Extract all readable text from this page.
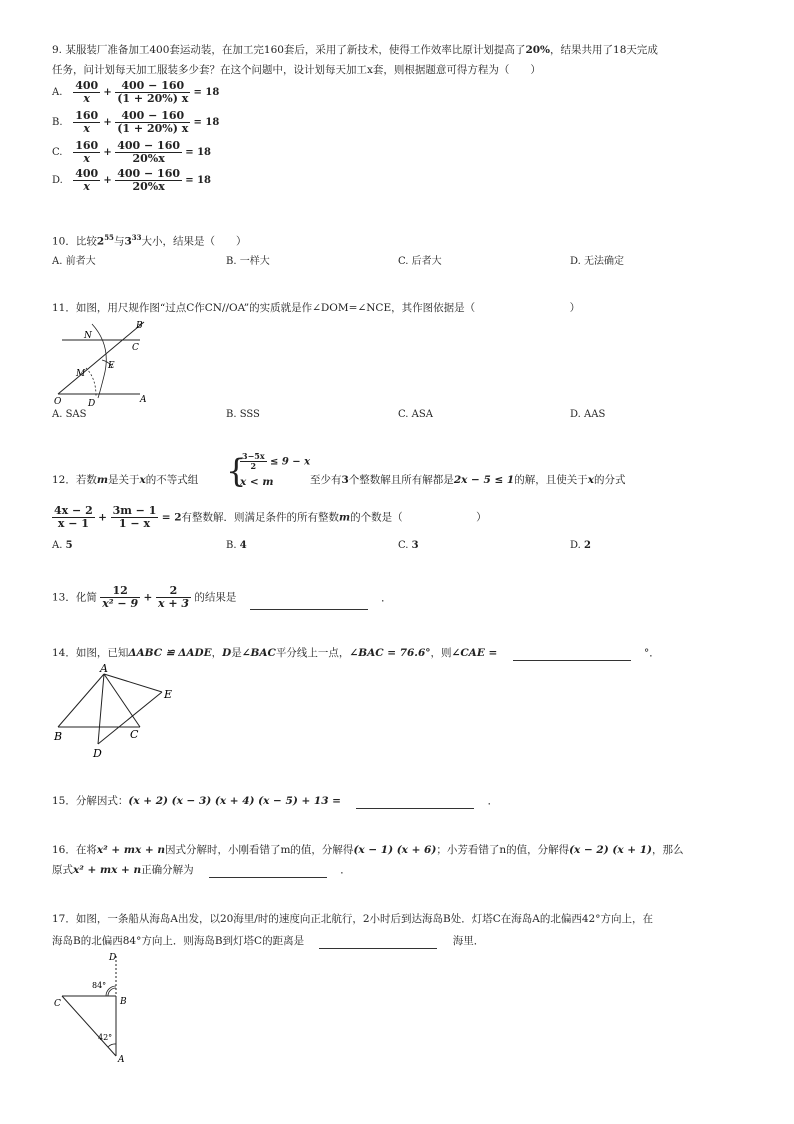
9. 某服装厂准备加工400套运动装，在加工完160套后，采用了新技术，使得工作效率比原计划提高了20%，结果共用了18天完成
任务，问计划每天加工服装多少套？在这个问题中，设计划每天加工x套，则根据题意可得方程为（　　）
A. $\frac{400}{x} + \frac{400 - 160}{(1 + 20\%) x} = 18$
B. $\frac{160}{x} + \frac{400 - 160}{(1 + 20\%) x} = 18$
C. $\frac{160}{x} + \frac{400 - 160}{20\%x} = 18$
D. $\frac{400}{x} + \frac{400 - 160}{20\%x} = 18$
10．比较$2^{55}$与$3^{33}$大小，结果是（　　）
A. 前者大	B. 一样大	C. 后者大	D. 无法确定
11．如图，用尺规作图“过点C作CN//OA”的实质就是作∠DOM=∠NCE，其作图依据是（　　　　　　　　　）
N
B
C
E
M
O	D	A
A. SAS	B. SSS	C. ASA	D. AAS
12．若数m是关于x的不等式组 {
$\frac{3-5x}{2} \le 9 - x$
x < m	至少有3个整数解且所有解都是2x − 5 ≤ 1的解，且使关于x的分式
$\frac{4x - 2}{x - 1} + \frac{3m - 1}{1 - x} = 2$有整数解．则满足条件的所有整数m的个数是（　　　　　　　）
A. 5	B. 4	C. 3	D. 2
13．化简 $\frac{12}{\text{x² − 9}} + \frac{2}{x + 3}$ 的结果是	．
14．如图，已知ΔABC ≌ ΔADE，D是∠BAC平分线上一点，∠BAC = 76.6°，则∠CAE =	°．
A
E
B	C
D
15．分解因式：(x + 2) (x − 3) (x + 4) (x − 5) + 13 =	．
16．在将x² + mx + n因式分解时，小刚看错了m的值，分解得(x − 1) (x + 6)；小芳看错了n的值，分解得(x − 2) (x + 1)，那么
原式x² + mx + n正确分解为	．
17．如图，一条船从海岛A出发，以20海里/时的速度向正北航行，2小时后到达海岛B处．灯塔C在海岛A的北偏西42°方向上，在
海岛B的北偏西84°方向上．则海岛B到灯塔C的距离是	海里．
D
B
C
A
84°
42°
